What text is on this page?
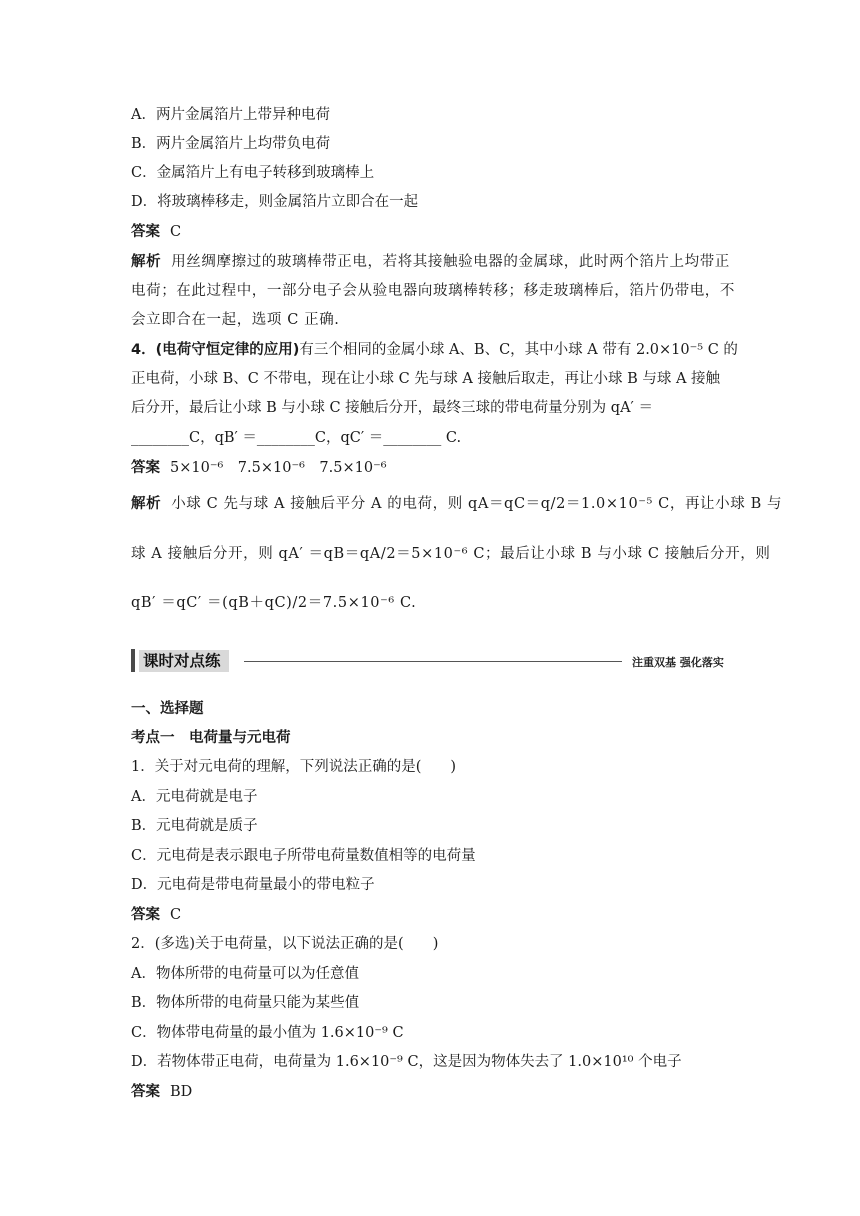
A．两片金属箔片上带异种电荷
B．两片金属箔片上均带负电荷
C．金属箔片上有电子转移到玻璃棒上
D．将玻璃棒移走，则金属箔片立即合在一起
答案 C
解析 用丝绸摩擦过的玻璃棒带正电，若将其接触验电器的金属球，此时两个箔片上均带正
电荷；在此过程中，一部分电子会从验电器向玻璃棒转移；移走玻璃棒后，箔片仍带电，不
会立即合在一起，选项 C 正确.
4．(电荷守恒定律的应用)有三个相同的金属小球 A、B、C，其中小球 A 带有 2.0×10⁻⁵ C 的
正电荷，小球 B、C 不带电，现在让小球 C 先与球 A 接触后取走，再让小球 B 与球 A 接触
后分开，最后让小球 B 与小球 C 接触后分开，最终三球的带电荷量分别为 qA′ ＝
________C，qB′ ＝________C，qC′ ＝________ C.
答案 5×10⁻⁶　7.5×10⁻⁶　7.5×10⁻⁶
解析 小球 C 先与球 A 接触后平分 A 的电荷，则 qA＝qC＝q/2＝1.0×10⁻⁵ C，再让小球 B 与
球 A 接触后分开，则 qA′ ＝qB＝qA/2＝5×10⁻⁶ C；最后让小球 B 与小球 C 接触后分开，则
qB′ ＝qC′ ＝(qB＋qC)/2＝7.5×10⁻⁶ C.
课时对点练	注重双基 强化落实
一、选择题
考点一　电荷量与元电荷
1．关于对元电荷的理解，下列说法正确的是(　　)
A．元电荷就是电子
B．元电荷就是质子
C．元电荷是表示跟电子所带电荷量数值相等的电荷量
D．元电荷是带电荷量最小的带电粒子
答案 C
2．(多选)关于电荷量，以下说法正确的是(　　)
A．物体所带的电荷量可以为任意值
B．物体所带的电荷量只能为某些值
C．物体带电荷量的最小值为 1.6×10⁻⁹ C
D．若物体带正电荷，电荷量为 1.6×10⁻⁹ C，这是因为物体失去了 1.0×10¹⁰ 个电子
答案 BD
